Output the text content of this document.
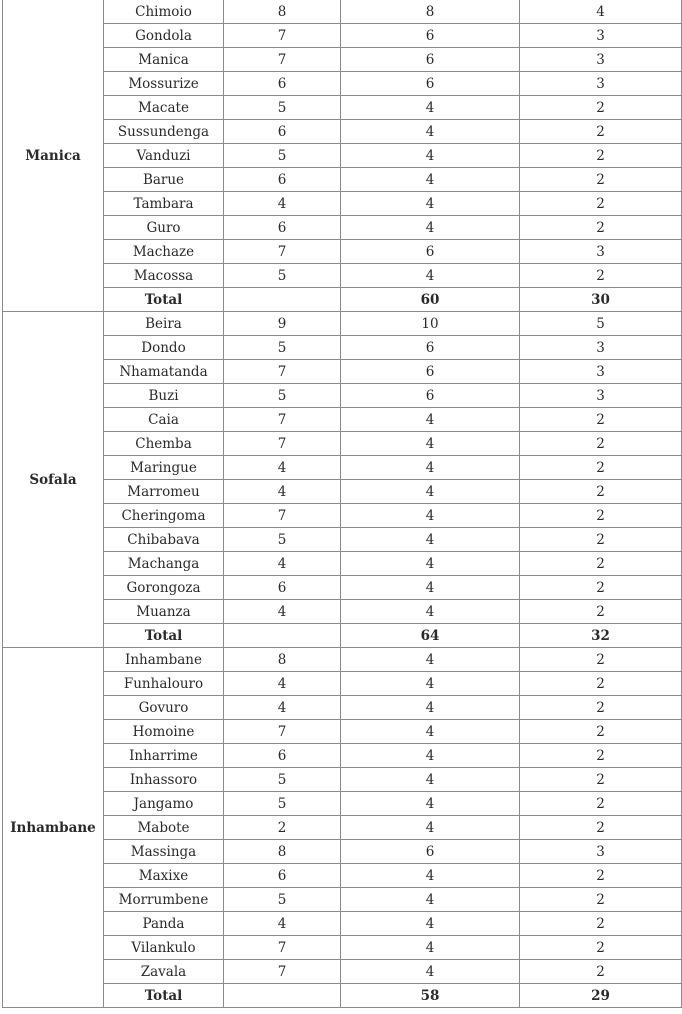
Manica	Chimoio	8	8	4
	Gondola	7	6	3
	Manica	7	6	3
	Mossurize	6	6	3
	Macate	5	4	2
	Sussundenga	6	4	2
	Vanduzi	5	4	2
	Barue	6	4	2
	Tambara	4	4	2
	Guro	6	4	2
	Machaze	7	6	3
	Macossa	5	4	2
	Total		60	30
Sofala	Beira	9	10	5
	Dondo	5	6	3
	Nhamatanda	7	6	3
	Buzi	5	6	3
	Caia	7	4	2
	Chemba	7	4	2
	Maringue	4	4	2
	Marromeu	4	4	2
	Cheringoma	7	4	2
	Chibabava	5	4	2
	Machanga	4	4	2
	Gorongoza	6	4	2
	Muanza	4	4	2
	Total		64	32
Inhambane	Inhambane	8	4	2
	Funhalouro	4	4	2
	Govuro	4	4	2
	Homoine	7	4	2
	Inharrime	6	4	2
	Inhassoro	5	4	2
	Jangamo	5	4	2
	Mabote	2	4	2
	Massinga	8	6	3
	Maxixe	6	4	2
	Morrumbene	5	4	2
	Panda	4	4	2
	Vilankulo	7	4	2
	Zavala	7	4	2
	Total		58	29
